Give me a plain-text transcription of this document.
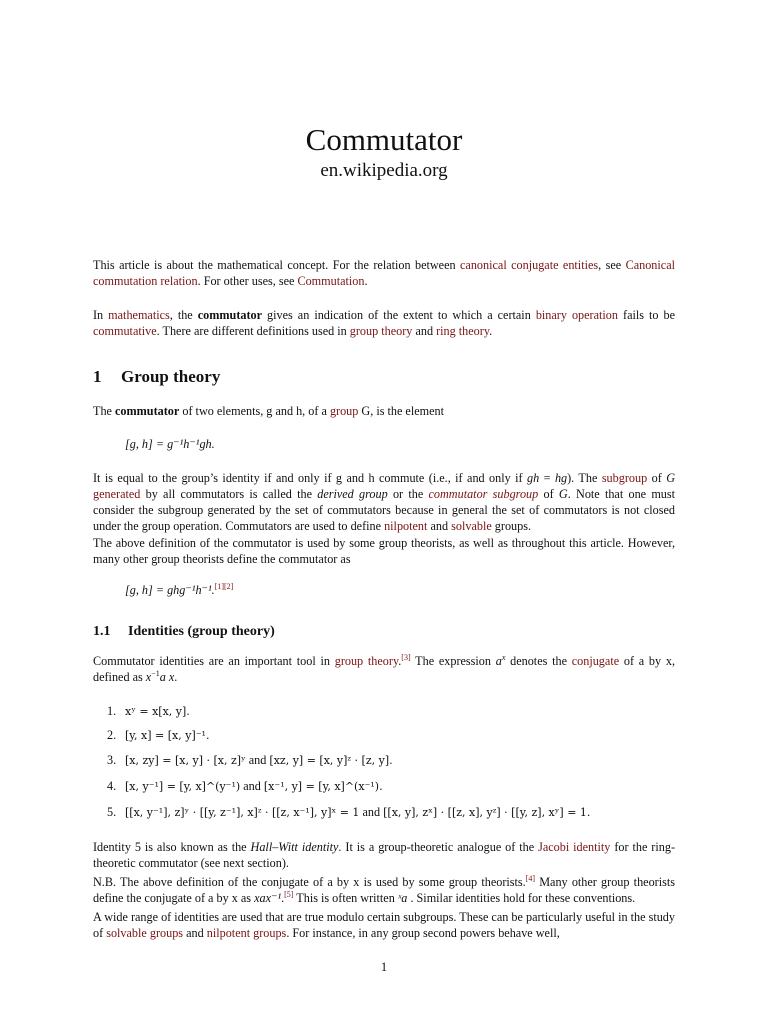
Commutator
en.wikipedia.org

This article is about the mathematical concept. For the relation between canonical conjugate entities, see Canonical commutation relation. For other uses, see Commutation.

In mathematics, the commutator gives an indication of the extent to which a certain binary operation fails to be commutative. There are different definitions used in group theory and ring theory.

1 Group theory

The commutator of two elements, g and h, of a group G, is the element

[g, h] = g⁻¹h⁻¹gh.

It is equal to the group’s identity if and only if g and h commute (i.e., if and only if gh = hg). The subgroup of G generated by all commutators is called the derived group or the commutator subgroup of G. Note that one must consider the subgroup generated by the set of commutators because in general the set of commutators is not closed under the group operation. Commutators are used to define nilpotent and solvable groups.

The above definition of the commutator is used by some group theorists, as well as throughout this article. However, many other group theorists define the commutator as

[g, h] = ghg⁻¹h⁻¹.[1][2]
1.1 Identities (group theory)

Commutator identities are an important tool in group theory.[3] The expression $a^x$ denotes the conjugate of a by x, defined as $x^{-1}a$ x.

1. xʸ = x[x, y].
2. [y, x] = [x, y]⁻¹.
3. [x, zy] = [x, y] · [x, z]ʸ and [xz, y] = [x, y]ᶻ · [z, y].
4. [x, y⁻¹] = [y, x]^(y⁻¹) and [x⁻¹, y] = [y, x]^(x⁻¹).
5. [[x, y⁻¹], z]ʸ · [[y, z⁻¹], x]ᶻ · [[z, x⁻¹], y]ˣ = 1 and [[x, y], zˣ] · [[z, x], yᶻ] · [[y, z], xʸ] = 1.

Identity 5 is also known as the Hall–Witt identity. It is a group-theoretic analogue of the Jacobi identity for the ring-theoretic commutator (see next section).

N.B. The above definition of the conjugate of a by x is used by some group theorists.[4] Many other group theorists define the conjugate of a by x as xax⁻¹.[5] This is often written ˣa . Similar identities hold for these conventions.

A wide range of identities are used that are true modulo certain subgroups. These can be particularly useful in the study of solvable groups and nilpotent groups. For instance, in any group second powers behave well,

1
